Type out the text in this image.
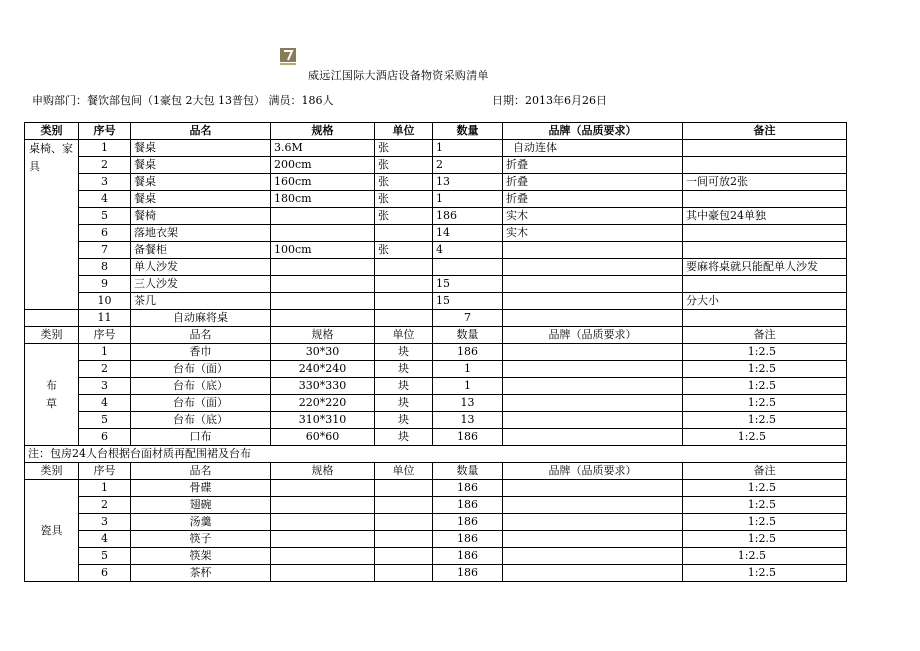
威远江国际大酒店设备物资采购清单
申购部门：餐饮部包间（1豪包 2大包 13普包） 满员：186人	日期：2013年6月26日
类别	序号	品名	规格	单位	数量	品牌（品质要求）	备注
桌椅、家具	1	餐桌	3.6M	张	1	自动连体	
	2	餐桌	200cm	张	2	折叠	
	3	餐桌	160cm	张	13	折叠	一间可放2张
	4	餐桌	180cm	张	1	折叠	
	5	餐椅		张	186	实木	其中豪包24单独
	6	落地衣架			14	实木	
	7	备餐柜	100cm	张	4		
	8	单人沙发					要麻将桌就只能配单人沙发
	9	三人沙发			15		
	10	茶几			15		分大小
	11	自动麻将桌			7		
类别	序号	品名	规格	单位	数量	品牌（品质要求）	备注

布
草	1	香巾	30*30	块	186		1:2.5
	2	台布（面）	240*240	块	1		1:2.5
	3	台布（底）	330*330	块	1		1:2.5
	4	台布（面）	220*220	块	13		1:2.5
	5	台布（底）	310*310	块	13		1:2.5
	6	口布	60*60	块	186		1:2.5
注：包房24人台根据台面材质再配围裙及台布							
类别	序号	品名	规格	单位	数量	品牌（品质要求）	备注
瓷具	1	骨碟			186		1:2.5
	2	翅碗			186		1:2.5
	3	汤羹			186		1:2.5
	4	筷子			186		1:2.5
	5	筷架			186		1:2.5
	6	茶杯			186		1:2.5
